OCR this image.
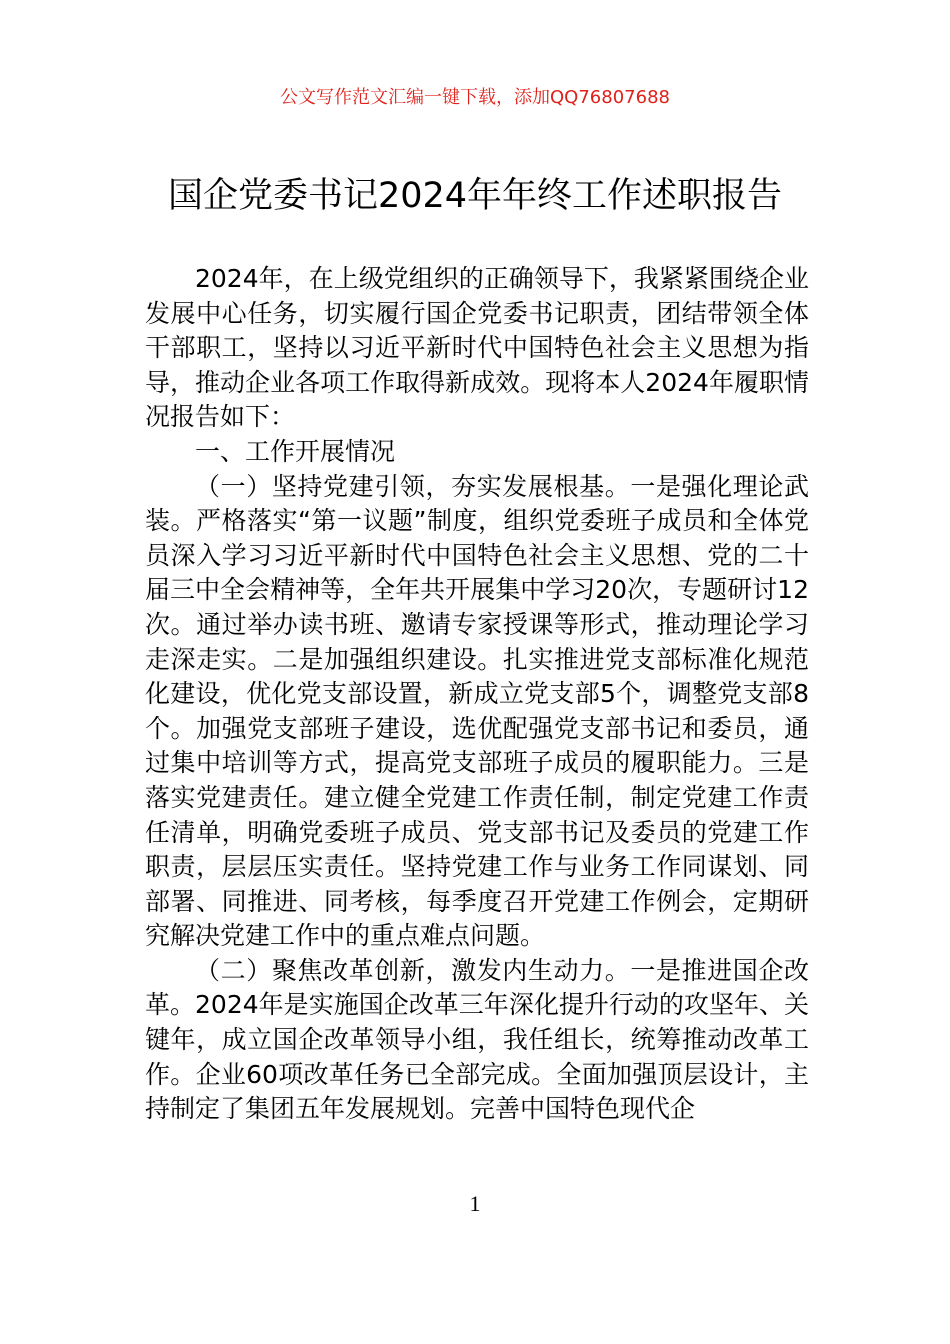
公文写作范文汇编一键下载，添加QQ76807688
国企党委书记2024年年终工作述职报告

2024年，在上级党组织的正确领导下，我紧紧围绕企业发展中心任务，切实履行国企党委书记职责，团结带领全体干部职工，坚持以习近平新时代中国特色社会主义思想为指导，推动企业各项工作取得新成效。现将本人2024年履职情况报告如下：

一、工作开展情况

（一）坚持党建引领，夯实发展根基。一是强化理论武装。严格落实“第一议题”制度，组织党委班子成员和全体党员深入学习习近平新时代中国特色社会主义思想、党的二十届三中全会精神等，全年共开展集中学习20次，专题研讨12次。通过举办读书班、邀请专家授课等形式，推动理论学习走深走实。二是加强组织建设。扎实推进党支部标准化规范化建设，优化党支部设置，新成立党支部5个，调整党支部8个。加强党支部班子建设，选优配强党支部书记和委员，通过集中培训等方式，提高党支部班子成员的履职能力。三是落实党建责任。建立健全党建工作责任制，制定党建工作责任清单，明确党委班子成员、党支部书记及委员的党建工作职责，层层压实责任。坚持党建工作与业务工作同谋划、同部署、同推进、同考核，每季度召开党建工作例会，定期研究解决党建工作中的重点难点问题。

（二）聚焦改革创新，激发内生动力。一是推进国企改革。2024年是实施国企改革三年深化提升行动的攻坚年、关键年，成立国企改革领导小组，我任组长，统筹推动改革工作。企业60项改革任务已全部完成。全面加强顶层设计，主持制定了集团五年发展规划。完善中国特色现代企

1
